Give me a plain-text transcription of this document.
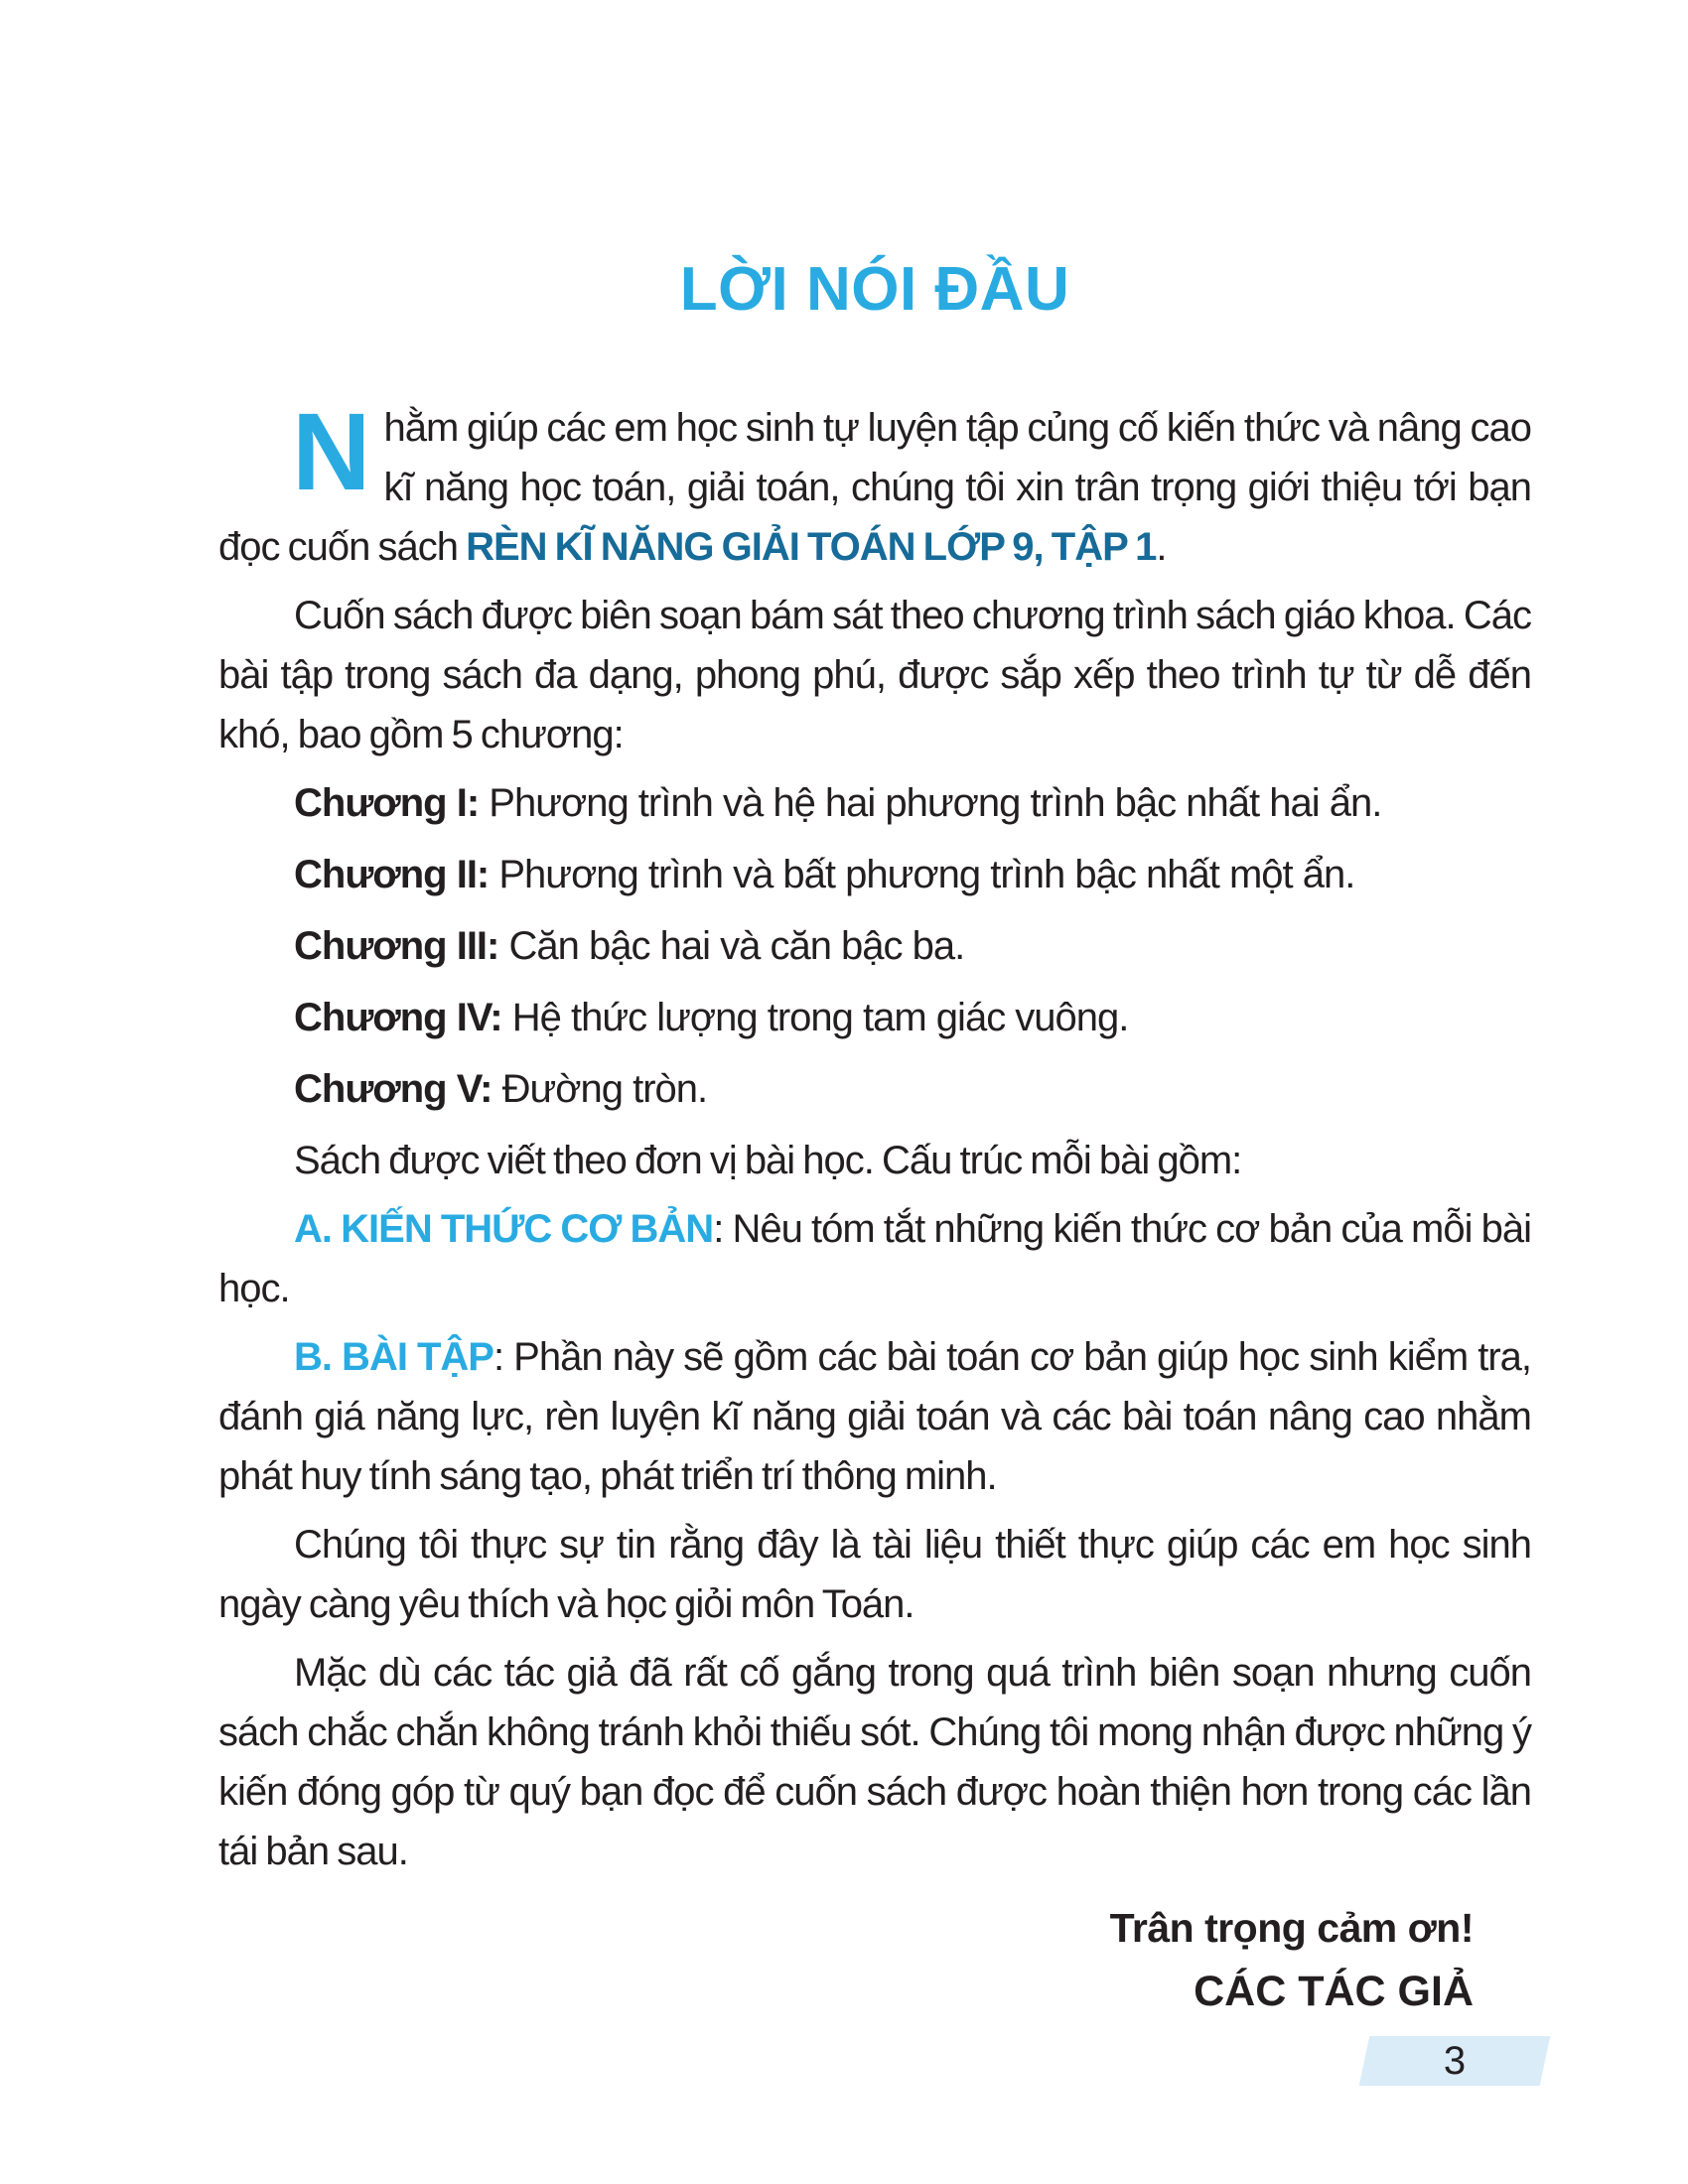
LỜI NÓI ĐẦU

Nhằm giúp các em học sinh tự luyện tập củng cố kiến thức và nâng cao kĩ năng học toán, giải toán, chúng tôi xin trân trọng giới thiệu tới bạn đọc cuốn sách RÈN KĨ NĂNG GIẢI TOÁN LỚP 9, TẬP 1.

Cuốn sách được biên soạn bám sát theo chương trình sách giáo khoa. Các bài tập trong sách đa dạng, phong phú, được sắp xếp theo trình tự từ dễ đến khó, bao gồm 5 chương:

Chương I: Phương trình và hệ hai phương trình bậc nhất hai ẩn.

Chương II: Phương trình và bất phương trình bậc nhất một ẩn.

Chương III: Căn bậc hai và căn bậc ba.

Chương IV: Hệ thức lượng trong tam giác vuông.

Chương V: Đường tròn.

Sách được viết theo đơn vị bài học. Cấu trúc mỗi bài gồm:

A. KIẾN THỨC CƠ BẢN: Nêu tóm tắt những kiến thức cơ bản của mỗi bài học.

B. BÀI TẬP: Phần này sẽ gồm các bài toán cơ bản giúp học sinh kiểm tra, đánh giá năng lực, rèn luyện kĩ năng giải toán và các bài toán nâng cao nhằm phát huy tính sáng tạo, phát triển trí thông minh.

Chúng tôi thực sự tin rằng đây là tài liệu thiết thực giúp các em học sinh ngày càng yêu thích và học giỏi môn Toán.

Mặc dù các tác giả đã rất cố gắng trong quá trình biên soạn nhưng cuốn sách chắc chắn không tránh khỏi thiếu sót. Chúng tôi mong nhận được những ý kiến đóng góp từ quý bạn đọc để cuốn sách được hoàn thiện hơn trong các lần tái bản sau.

Trân trọng cảm ơn!
CÁC TÁC GIẢ
3
